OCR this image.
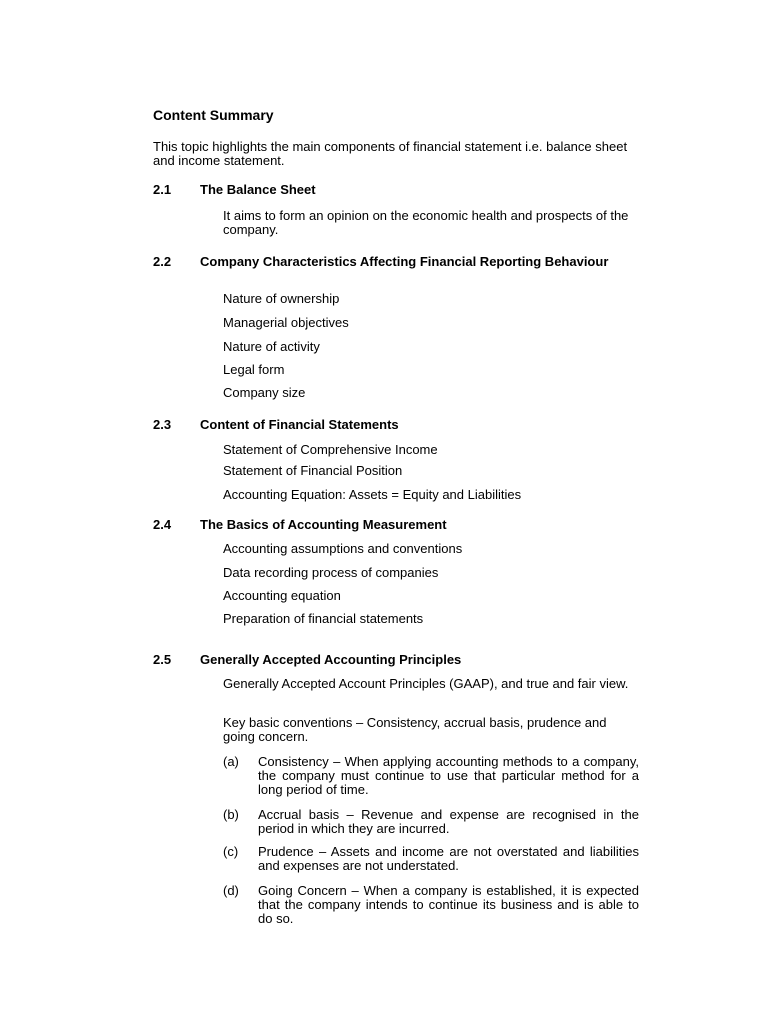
Content Summary
This topic highlights the main components of financial statement i.e. balance sheet and income statement.
2.1 The Balance Sheet
It aims to form an opinion on the economic health and prospects of the company.
2.2 Company Characteristics Affecting Financial Reporting Behaviour
Nature of ownership
Managerial objectives
Nature of activity
Legal form
Company size
2.3 Content of Financial Statements
Statement of Comprehensive Income
Statement of Financial Position
Accounting Equation: Assets = Equity and Liabilities
2.4 The Basics of Accounting Measurement
Accounting assumptions and conventions
Data recording process of companies
Accounting equation
Preparation of financial statements
2.5 Generally Accepted Accounting Principles
Generally Accepted Account Principles (GAAP), and true and fair view.
Key basic conventions – Consistency, accrual basis, prudence and going concern.
(a) Consistency – When applying accounting methods to a company, the company must continue to use that particular method for a long period of time.
(b) Accrual basis – Revenue and expense are recognised in the period in which they are incurred.
(c) Prudence – Assets and income are not overstated and liabilities and expenses are not understated.
(d) Going Concern – When a company is established, it is expected that the company intends to continue its business and is able to do so.
